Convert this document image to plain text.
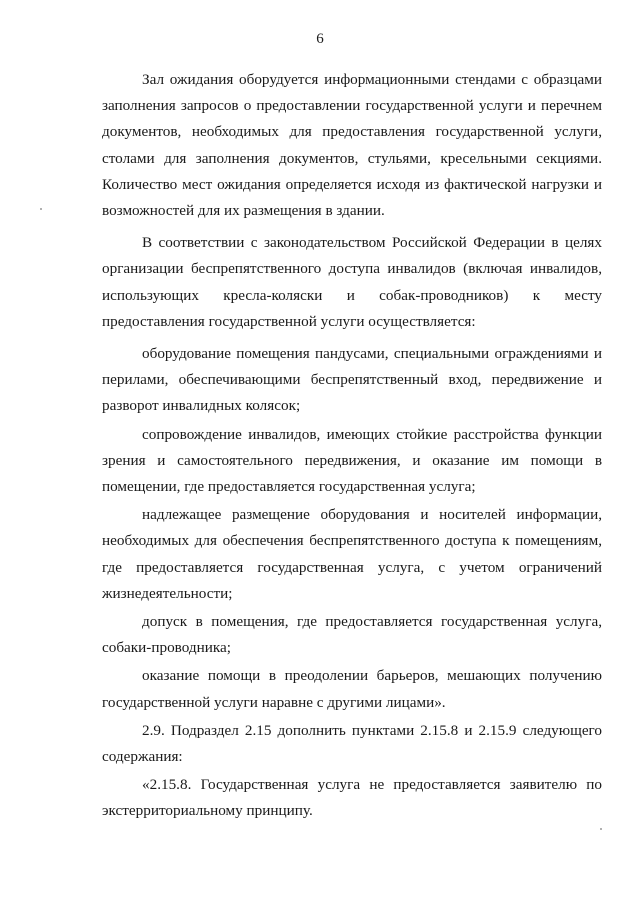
6

Зал ожидания оборудуется информационными стендами с образцами заполнения запросов о предоставлении государственной услуги и перечнем документов, необходимых для предоставления государственной услуги, столами для заполнения документов, стульями, кресельными секциями. Количество мест ожидания определяется исходя из фактической нагрузки и возможностей для их размещения в здании.

В соответствии с законодательством Российской Федерации в целях организации беспрепятственного доступа инвалидов (включая инвалидов, использующих кресла-коляски и собак-проводников) к месту предоставления государственной услуги осуществляется:

оборудование помещения пандусами, специальными ограждениями и перилами, обеспечивающими беспрепятственный вход, передвижение и разворот инвалидных колясок;

сопровождение инвалидов, имеющих стойкие расстройства функции зрения и самостоятельного передвижения, и оказание им помощи в помещении, где предоставляется государственная услуга;

надлежащее размещение оборудования и носителей информации, необходимых для обеспечения беспрепятственного доступа к помещениям, где предоставляется государственная услуга, с учетом ограничений жизнедеятельности;

допуск в помещения, где предоставляется государственная услуга, собаки-проводника;

оказание помощи в преодолении барьеров, мешающих получению государственной услуги наравне с другими лицами».

2.9. Подраздел 2.15 дополнить пунктами 2.15.8 и 2.15.9 следующего содержания:

«2.15.8. Государственная услуга не предоставляется заявителю по экстерриториальному принципу.
